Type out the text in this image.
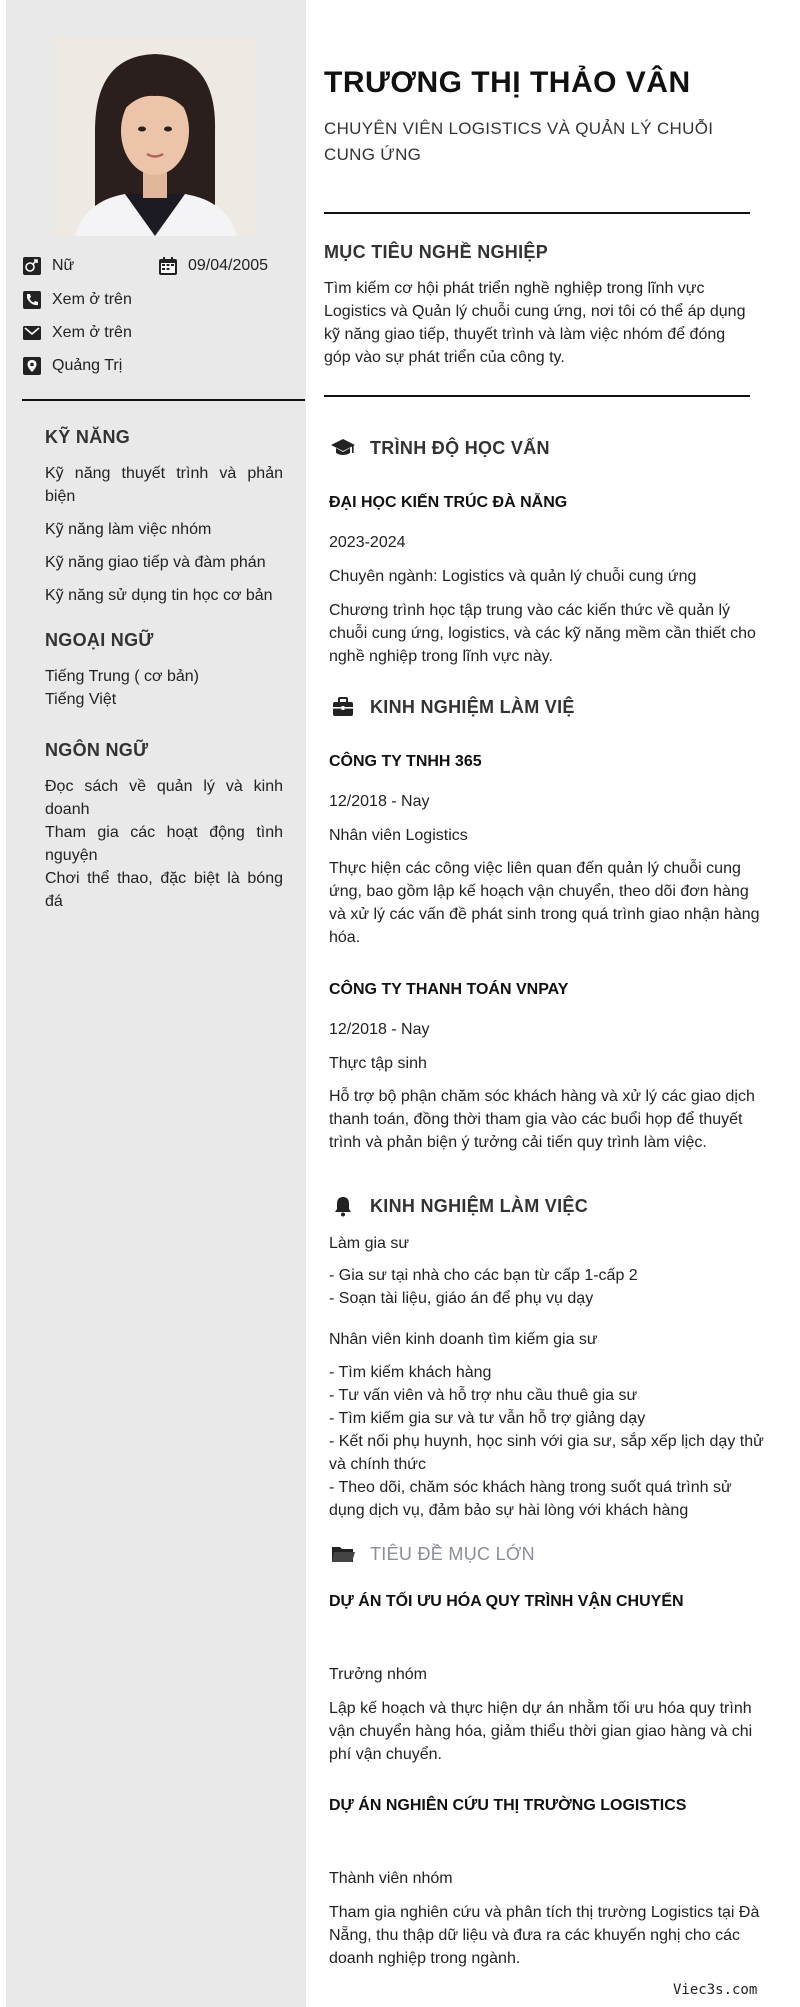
Nữ	09/04/2005
Xem ở trên
Xem ở trên
Quảng Trị
KỸ NĂNG
Kỹ năng thuyết trình và phản biện
Kỹ năng làm việc nhóm
Kỹ năng giao tiếp và đàm phán
Kỹ năng sử dụng tin học cơ bản
NGOẠI NGỮ
Tiếng Trung ( cơ bản)
Tiếng Việt
NGÔN NGỮ
Đọc sách về quản lý và kinh doanh
Tham gia các hoạt động tình nguyện
Chơi thể thao, đặc biệt là bóng đá
TRƯƠNG THỊ THẢO VÂN
CHUYÊN VIÊN LOGISTICS VÀ QUẢN LÝ CHUỖI CUNG ỨNG
MỤC TIÊU NGHỀ NGHIỆP
Tìm kiếm cơ hội phát triển nghề nghiệp trong lĩnh vực Logistics và Quản lý chuỗi cung ứng, nơi tôi có thể áp dụng kỹ năng giao tiếp, thuyết trình và làm việc nhóm để đóng góp vào sự phát triển của công ty.
TRÌNH ĐỘ HỌC VẤN
ĐẠI HỌC KIẾN TRÚC ĐÀ NẴNG
2023-2024
Chuyên ngành: Logistics và quản lý chuỗi cung ứng
Chương trình học tập trung vào các kiến thức về quản lý chuỗi cung ứng, logistics, và các kỹ năng mềm cần thiết cho nghề nghiệp trong lĩnh vực này.
KINH NGHIỆM LÀM VIỆ
CÔNG TY TNHH 365
12/2018 - Nay
Nhân viên Logistics
Thực hiện các công việc liên quan đến quản lý chuỗi cung ứng, bao gồm lập kế hoạch vận chuyển, theo dõi đơn hàng và xử lý các vấn đề phát sinh trong quá trình giao nhận hàng hóa.
CÔNG TY THANH TOÁN VNPAY
12/2018 - Nay
Thực tập sinh
Hỗ trợ bộ phận chăm sóc khách hàng và xử lý các giao dịch thanh toán, đồng thời tham gia vào các buổi họp để thuyết trình và phản biện ý tưởng cải tiến quy trình làm việc.
KINH NGHIỆM LÀM VIỆC
Làm gia sư
- Gia sư tại nhà cho các bạn từ cấp 1-cấp 2
- Soạn tài liệu, giáo án để phụ vụ dạy
Nhân viên kinh doanh tìm kiếm gia sư
- Tìm kiếm khách hàng
- Tư vấn viên và hỗ trợ nhu cầu thuê gia sư
- Tìm kiếm gia sư và tư vẫn hỗ trợ giảng dạy
- Kết nối phụ huynh, học sinh với gia sư, sắp xếp lịch dạy thử và chính thức
- Theo dõi, chăm sóc khách hàng trong suốt quá trình sử dụng dịch vụ, đảm bảo sự hài lòng với khách hàng
TIÊU ĐỀ MỤC LỚN
DỰ ÁN TỐI ƯU HÓA QUY TRÌNH VẬN CHUYỂN
Trưởng nhóm
Lập kế hoạch và thực hiện dự án nhằm tối ưu hóa quy trình vận chuyển hàng hóa, giảm thiểu thời gian giao hàng và chi phí vận chuyển.
DỰ ÁN NGHIÊN CỨU THỊ TRƯỜNG LOGISTICS
Thành viên nhóm
Tham gia nghiên cứu và phân tích thị trường Logistics tại Đà Nẵng, thu thập dữ liệu và đưa ra các khuyến nghị cho các doanh nghiệp trong ngành.
Viec3s.com
